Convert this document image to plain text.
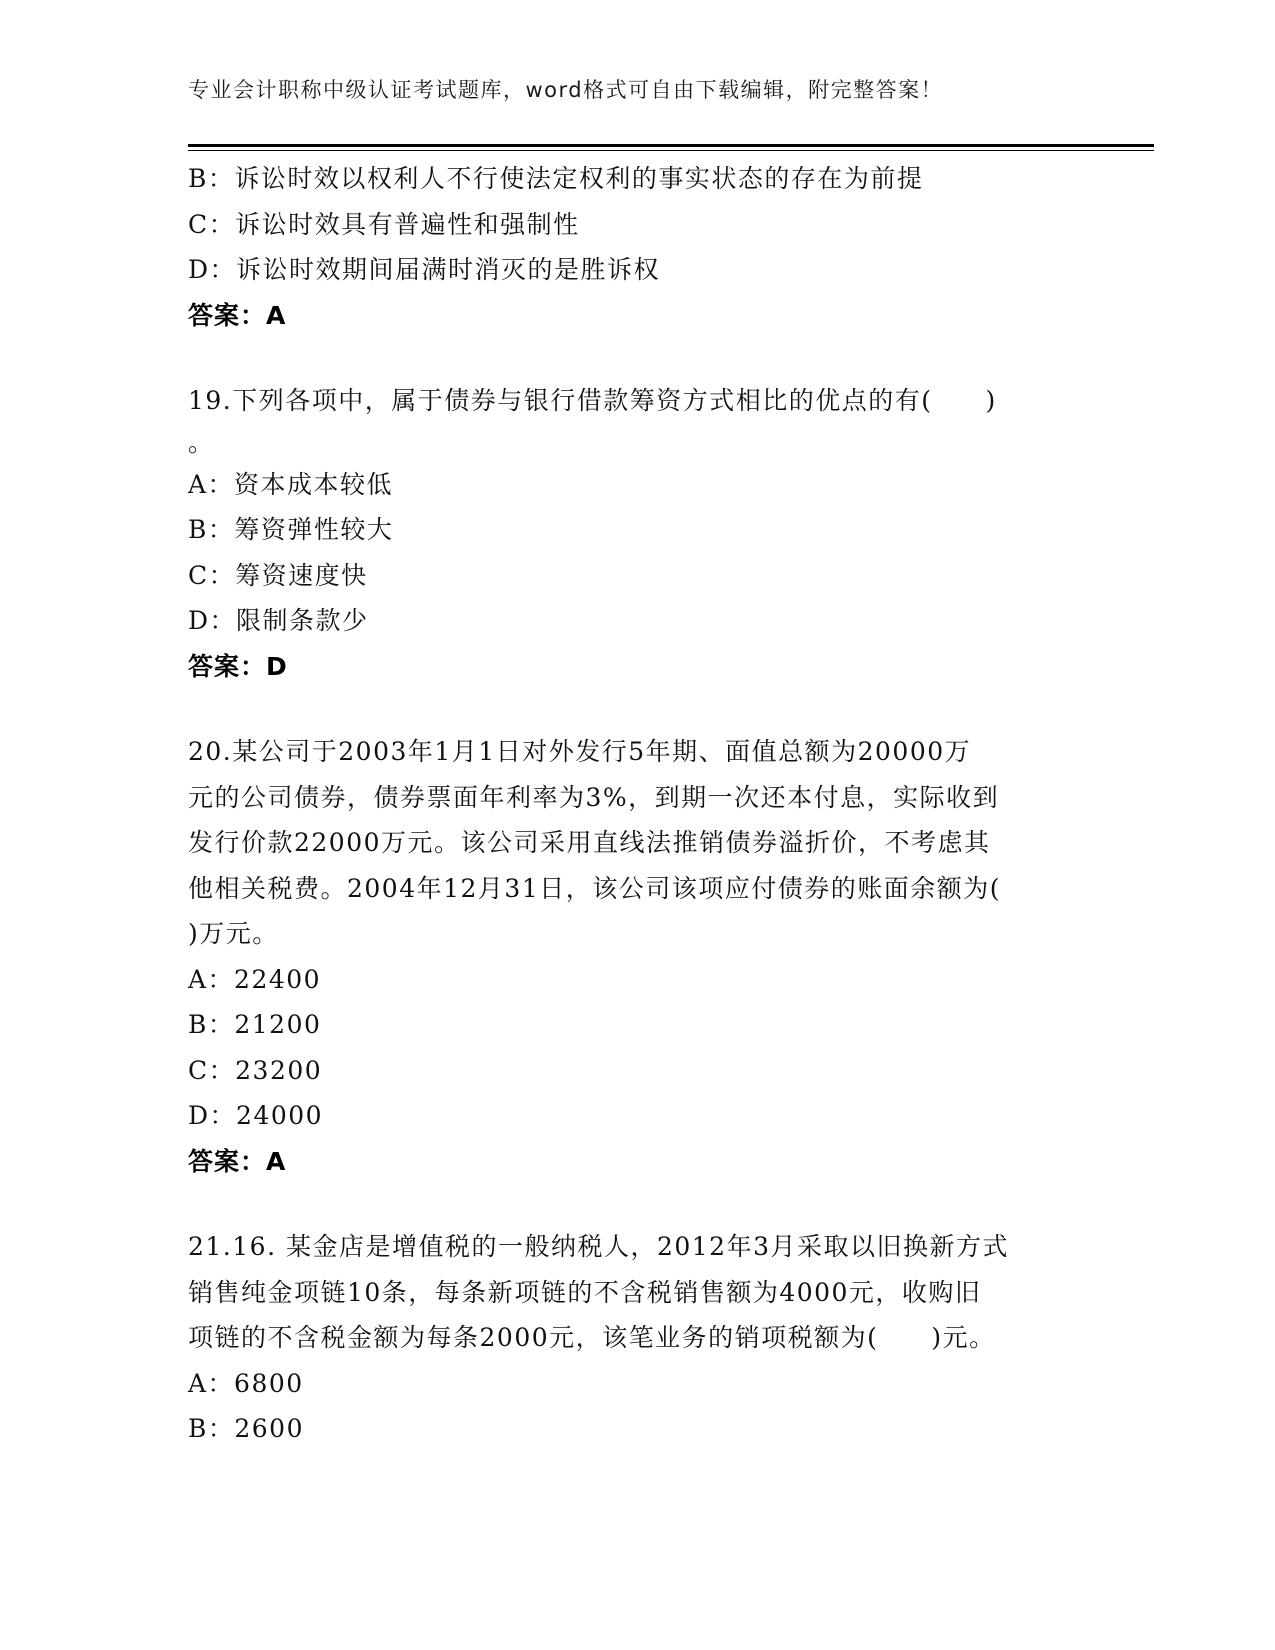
专业会计职称中级认证考试题库，word格式可自由下载编辑，附完整答案！
B：诉讼时效以权利人不行使法定权利的事实状态的存在为前提
C：诉讼时效具有普遍性和强制性
D：诉讼时效期间届满时消灭的是胜诉权
答案：A
19.下列各项中，属于债券与银行借款筹资方式相比的优点的有(　　)
。
A：资本成本较低
B：筹资弹性较大
C：筹资速度快
D：限制条款少
答案：D
20.某公司于2003年1月1日对外发行5年期、面值总额为20000万
元的公司债券，债券票面年利率为3%，到期一次还本付息，实际收到
发行价款22000万元。该公司采用直线法推销债券溢折价，不考虑其
他相关税费。2004年12月31日，该公司该项应付债券的账面余额为(
)万元。
A：22400
B：21200
C：23200
D：24000
答案：A
21.16. 某金店是增值税的一般纳税人，2012年3月采取以旧换新方式
销售纯金项链10条，每条新项链的不含税销售额为4000元，收购旧
项链的不含税金额为每条2000元，该笔业务的销项税额为(　　)元。
A：6800
B：2600
